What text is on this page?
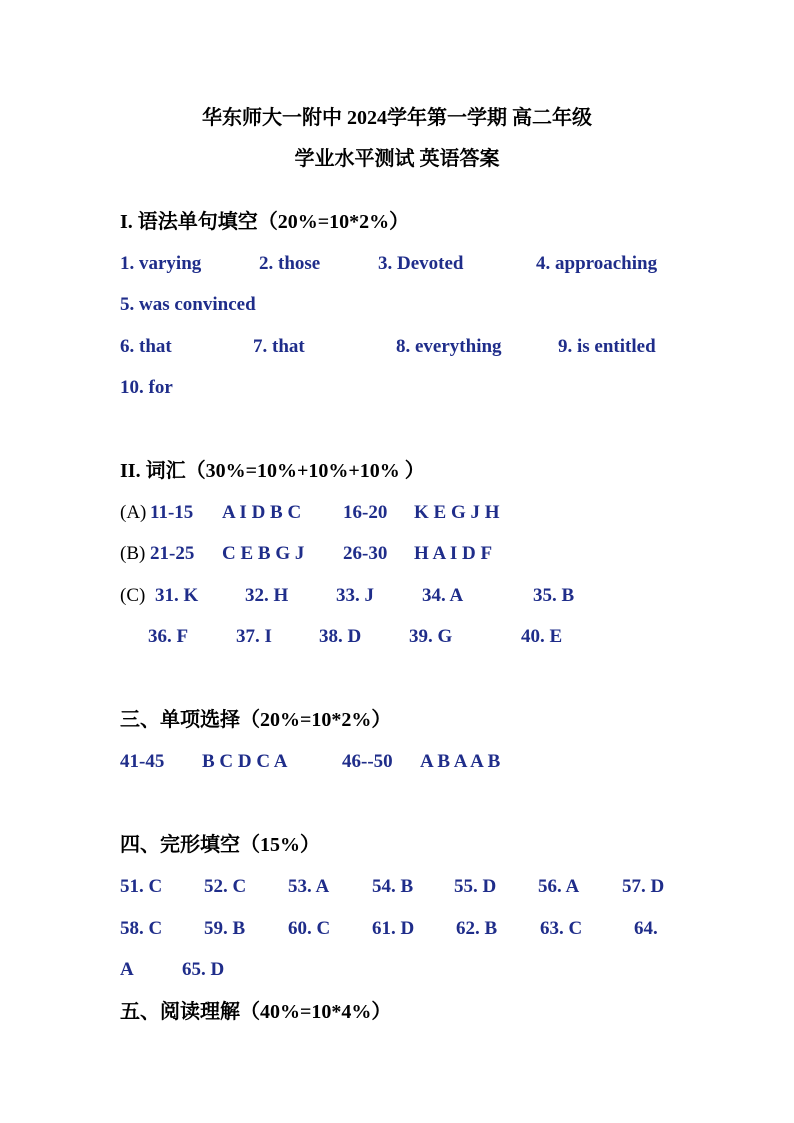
华东师大一附中 2024学年第一学期 高二年级
学业水平测试 英语答案
I. 语法单句填空（20%=10*2%）
1. varying	2. those	3. Devoted	4. approaching
5. was convinced
6. that	7. that	8. everything	9. is entitled
10. for
II. 词汇（30%=10%+10%+10% ）
(A) 11-15 A I D B C 16-20 K E G J H
(B) 21-25 C E B G J 26-30 H A I D F
(C) 31. K 32. H	33. J	34. A	35. B
36. F	37. I 38. D	39. G	40. E
三、单项选择（20%=10*2%）
41-45 B C D C A	46--50 A B A A B
四、完形填空（15%）
51. C 52. C 53. A 54. B 55. D 56. A 57. D
58. C 59. B 60. C 61. D 62. B 63. C	64.
A	65. D
五、阅读理解（40%=10*4%）
